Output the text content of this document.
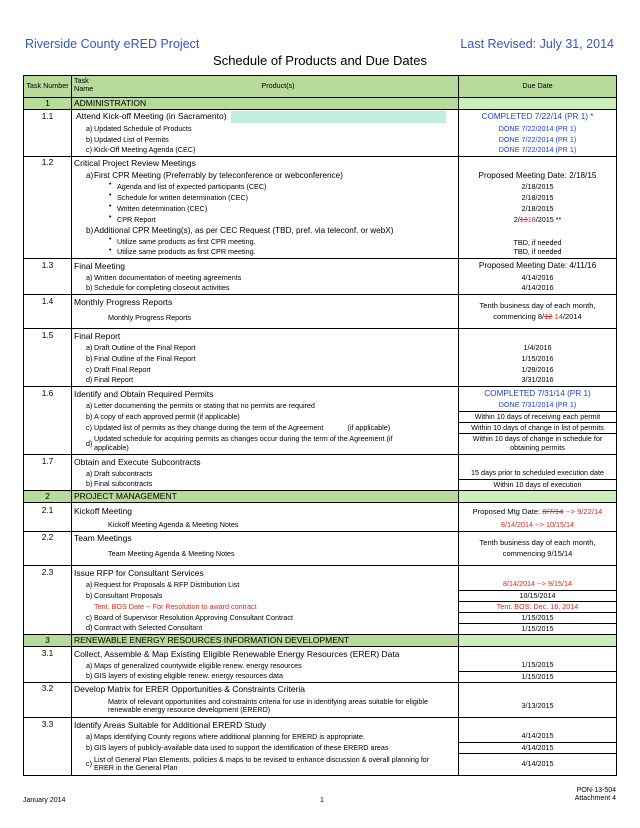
Riverside County eRED Project	Last Revised: July 31, 2014
Schedule of Products and Due Dates
Task Number	Task Name Product(s)	Due Date
1	ADMINISTRATION	
1.1	Attend Kick-off Meeting (in Sacramento)	COMPLETED 7/22/14 (PR 1) *

	a) Updated Schedule of Products	DONE 7/22/2014 (PR 1)

	b) Updated List of Permits	DONE 7/22/2014 (PR 1)

	c) Kick-Off Meeting Agenda (CEC)	DONE 7/22/2014 (PR 1)
1.2	Critical Project Review Meetings	

	a) First CPR Meeting (Preferrably by teleconference or webconference)	Proposed Meeting Date: 2/18/15

	• Agenda and list of expected participants (CEC)	2/18/2015

	• Schedule for written determination (CEC)	2/18/2015

	• Written determination (CEC)	2/18/2015

	• CPR Report	2/1318/2015 **

	b) Additional CPR Meeting(s), as per CEC Request (TBD, pref. via teleconf. or webX)	

	• Utilize same products as first CPR meeting.	TBD, if needed

	• Utilize same products as first CPR meeting.	TBD, if needed
1.3	Final Meeting	Proposed Meeting Date: 4/11/16

	a) Written documentation of meeting agreements	4/14/2016

	b) Schedule for completing closeout activities	4/14/2016
1.4	Monthly Progress Reports	Tenth business day of each month,
commencing 8/12 14/2014

	Monthly Progress Reports	
1.5	Final Report	

	a) Draft Outline of the Final Report	1/4/2016

	b) Final Outline of the Final Report	1/15/2016

	c) Draft Final Report	1/29/2016

	d) Final Report	3/31/2016
1.6	Identify and Obtain Required Permits	COMPLETED 7/31/14 (PR 1)

	a) Letter documenting the permits or stating that no permits are required	DONE 7/31/2014 (PR 1)

	b) A copy of each approved permit (if applicable)	Within 10 days of receiving each permit

	c) Updated list of permits as they change during the term of the Agreement (if applicable)	Within 10 days of change in list of permits

	d) Updated schedule for acquiring permits as changes occur during the term of the Agreement (if applicable)	Within 10 days of change in schedule for obtaining permits
1.7	Obtain and Execute Subcontracts	

	a) Draft subcontracts	15 days prior to scheduled execution date

	b) Final subcontracts	Within 10 days of execution
2	PROJECT MANAGEMENT	
2.1	Kickoff Meeting	Proposed Mtg Date: 8/7/14 --> 9/22/14
	Kickoff Meeting Agenda & Meeting Notes	8/14/2014 --> 10/15/14
2.2	Team Meetings	Tenth business day of each month,
commencing 9/15/14

	Team Meeting Agenda & Meeting Notes	
2.3	Issue RFP for Consultant Services	

	a) Request for Proposals & RFP Distribution List	8/14/2014 --> 9/15/14

	b) Consultant Proposals	10/15/2014
	Tent. BOS Date -- For Resolution to award contract	Tent. BOS: Dec. 16, 2014

	c) Board of Supervisor Resolution Approving Consultant Contract	1/15/2015

	d) Contract with Selected Consultant	1/15/2015
3	RENEWABLE ENERGY RESOURCES INFORMATION DEVELOPMENT	
3.1	Collect, Assemble & Map Existing Eligible Renewable Energy Resources (ERER) Data	

	a) Maps of generalized countywide eligible renew. energy resources	1/15/2015

	b) GIS layers of existing eligible renew. energy resources data	1/15/2015
3.2	Develop Matrix for ERER Opportunities & Constraints Criteria	3/13/2015

	Matrix of relevant opportunities and constraints criteria for use in identifying areas suitable for eligible renewable energy resource development (ERERD)	

3.3	Identify Areas Suitable for Additional ERERD Study	

	a) Maps identifying County regions where additional planning for ERERD is appropriate.	4/14/2015

	b) GIS layers of publicly-available data used to support the identification of these ERERD areas	4/14/2015

	c) List of General Plan Elements, policies & maps to be revised to enhance discussion & overall planning for ERER in the General Plan	4/14/2015
January 2014	1
PON-13-504
Attachment 4
